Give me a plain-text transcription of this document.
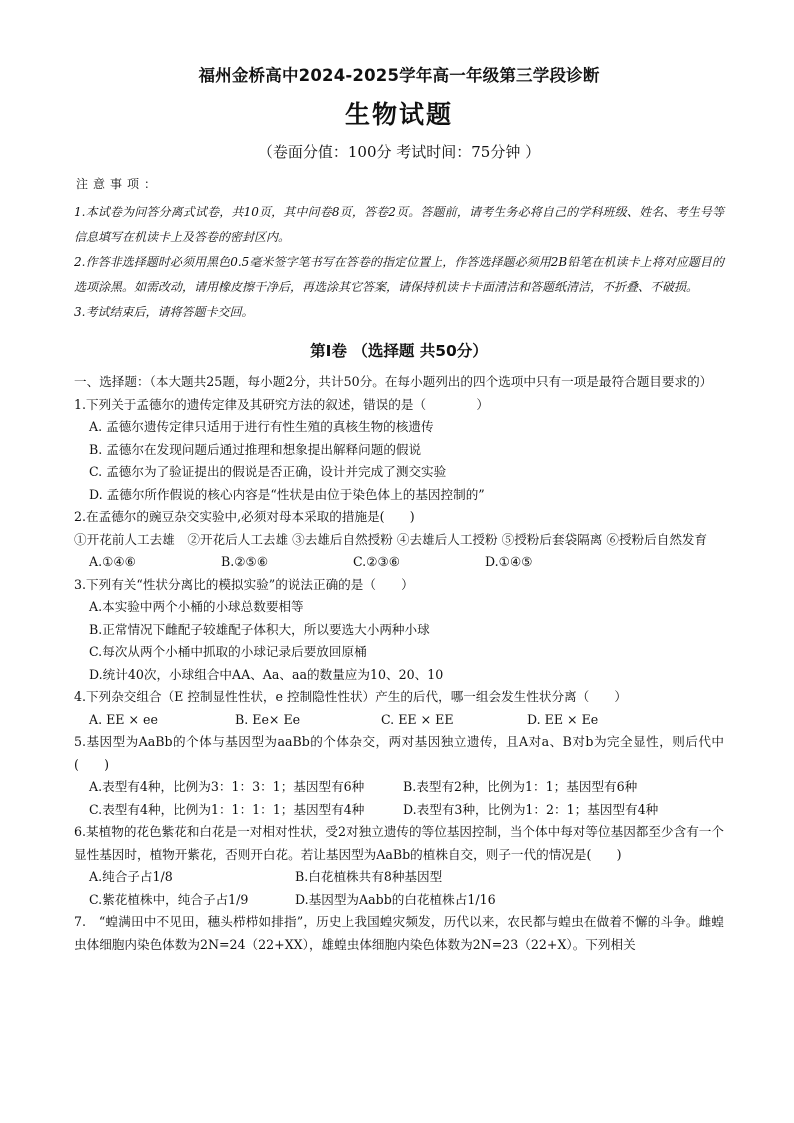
福州金桥高中2024-2025学年高一年级第三学段诊断
生物试题
（卷面分值：100分 考试时间：75分钟 ）
注意事项：

1.本试卷为问答分离式试卷，共10页，其中问卷8页，答卷2页。答题前，请考生务必将自己的学科班级、姓名、考生号等信息填写在机读卡上及答卷的密封区内。

2.作答非选择题时必须用黑色0.5毫米签字笔书写在答卷的指定位置上，作答选择题必须用2B铅笔在机读卡上将对应题目的选项涂黑。如需改动，请用橡皮擦干净后，再选涂其它答案，请保持机读卡卡面清洁和答题纸清洁，不折叠、不破损。

3.考试结束后，请将答题卡交回。

第Ⅰ卷 （选择题 共50分）

一、选择题：（本大题共25题，每小题2分，共计50分。在每小题列出的四个选项中只有一项是最符合题目要求的）

1.下列关于孟德尔的遗传定律及其研究方法的叙述，错误的是（　　　　）

A. 孟德尔遗传定律只适用于进行有性生殖的真核生物的核遗传

B. 孟德尔在发现问题后通过推理和想象提出解释问题的假说

C. 孟德尔为了验证提出的假说是否正确，设计并完成了测交实验

D. 孟德尔所作假说的核心内容是“性状是由位于染色体上的基因控制的”

2.在孟德尔的豌豆杂交实验中,必须对母本采取的措施是(　　)

①开花前人工去雄　②开花后人工去雄 ③去雄后自然授粉 ④去雄后人工授粉 ⑤授粉后套袋隔离 ⑥授粉后自然发育

A.①④⑥	B.②⑤⑥	C.②③⑥	D.①④⑤

3.下列有关“性状分离比的模拟实验”的说法正确的是（　　）

A.本实验中两个小桶的小球总数要相等

B.正常情况下雌配子较雄配子体积大，所以要选大小两种小球

C.每次从两个小桶中抓取的小球记录后要放回原桶

D.统计40次，小球组合中AA、Aa、aa的数量应为10、20、10

4.下列杂交组合（E 控制显性性状，e 控制隐性性状）产生的后代，哪一组会发生性状分离（　　）

A. EE × ee	B. Ee× Ee	C. EE × EE	D. EE × Ee

5.基因型为AaBb的个体与基因型为aaBb的个体杂交，两对基因独立遗传，且A对a、B对b为完全显性，则后代中(　　)

A.表型有4种，比例为3：1：3：1；基因型有6种	B.表型有2种，比例为1：1；基因型有6种
C.表型有4种，比例为1：1：1：1；基因型有4种	D.表型有3种，比例为1：2：1；基因型有4种

6.某植物的花色紫花和白花是一对相对性状，受2对独立遗传的等位基因控制，当个体中每对等位基因都至少含有一个显性基因时，植物开紫花，否则开白花。若让基因型为AaBb的植株自交，则子一代的情况是(　　)

A.纯合子占1/8	B.白花植株共有8种基因型
C.紫花植株中，纯合子占1/9	D.基因型为Aabb的白花植株占1/16

7.　“蝗满田中不见田，穗头栉栉如排指”，历史上我国蝗灾频发，历代以来，农民都与蝗虫在做着不懈的斗争。雌蝗虫体细胞内染色体数为2N=24（22+XX），雄蝗虫体细胞内染色体数为2N=23（22+X）。下列相关
